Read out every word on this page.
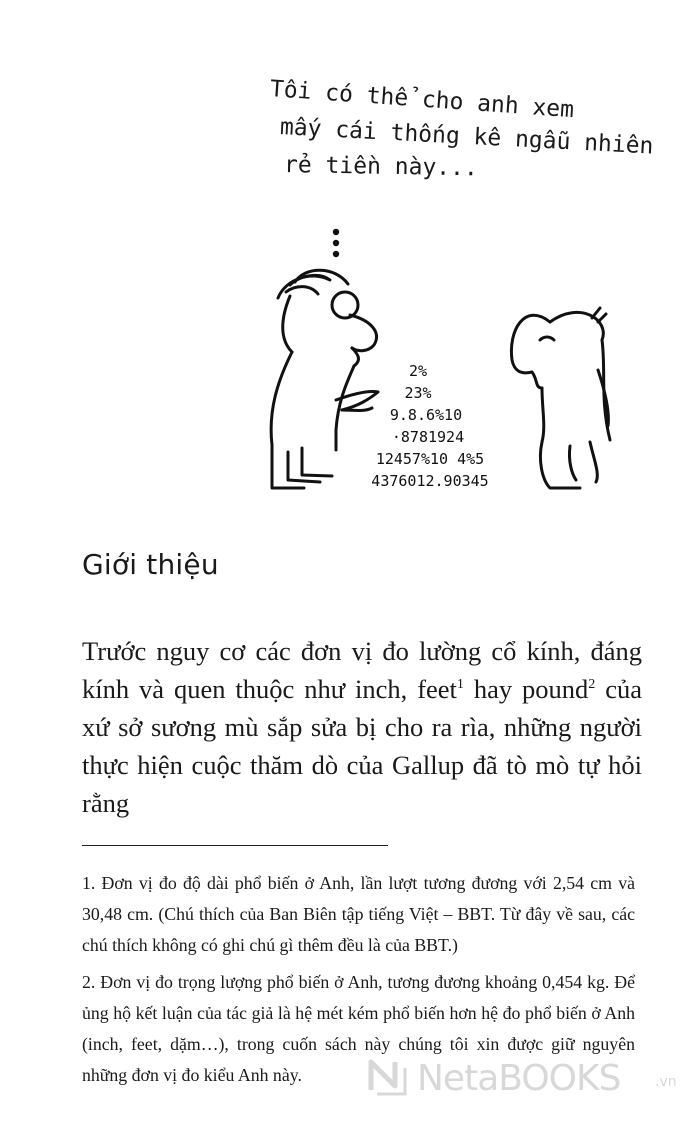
Tôi có thể cho anh xem
mấy cái thống kê ngẫu nhiên
rẻ tiền này...
2%
23%
9.8.6%10
·8781924
12457%10 4%5
4376012.90345
Giới thiệu

Trước nguy cơ các đơn vị đo lường cổ kính, đáng kính và quen thuộc như inch, feet$^1$ hay pound$^2$ của xứ sở sương mù sắp sửa bị cho ra rìa, những người thực hiện cuộc thăm dò của Gallup đã tò mò tự hỏi rằng

1. Đơn vị đo độ dài phổ biến ở Anh, lần lượt tương đương với 2,54 cm và 30,48 cm. (Chú thích của Ban Biên tập tiếng Việt – BBT. Từ đây về sau, các chú thích không có ghi chú gì thêm đều là của BBT.)

2. Đơn vị đo trọng lượng phổ biến ở Anh, tương đương khoảng 0,454 kg. Để ủng hộ kết luận của tác giả là hệ mét kém phổ biến hơn hệ đo phổ biến ở Anh (inch, feet, dặm…), trong cuốn sách này chúng tôi xin được giữ nguyên những đơn vị đo kiểu Anh này.	NetaBOOKS .vn
